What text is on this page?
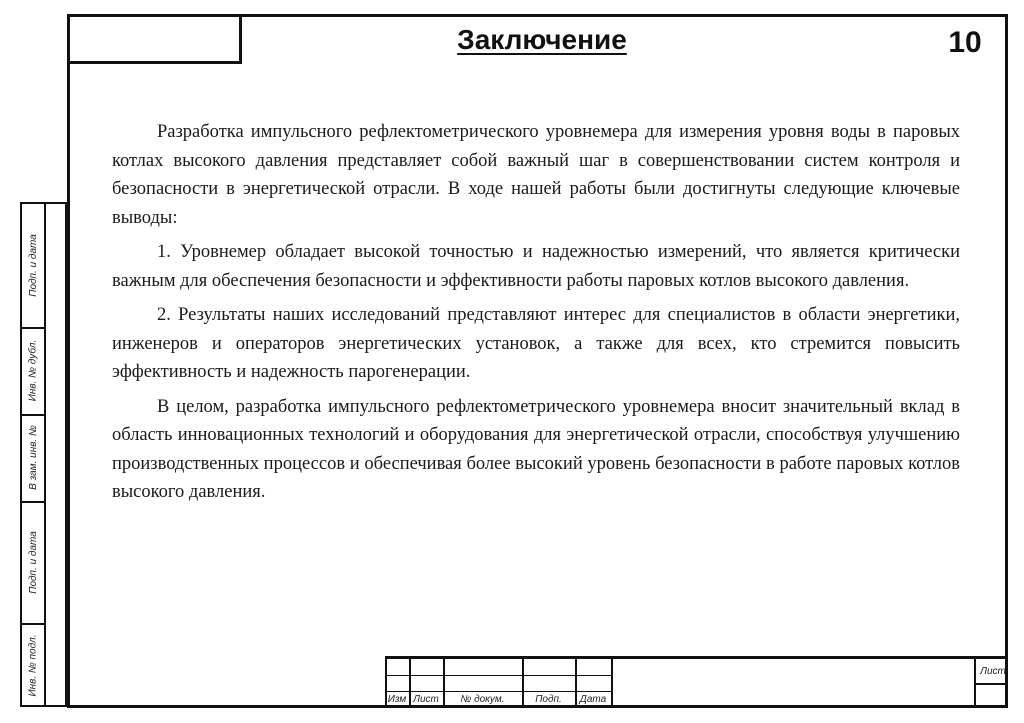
Заключение	10

Разработка импульсного рефлектометрического уровнемера для измерения уровня воды в паровых котлах высокого давления представляет собой важный шаг в совершенствовании систем контроля и безопасности в энергетической отрасли. В ходе нашей работы были достигнуты следующие ключевые выводы:

1. Уровнемер обладает высокой точностью и надежностью измерений, что является критически важным для обеспечения безопасности и эффективности работы паровых котлов высокого давления.

2. Результаты наших исследований представляют интерес для специалистов в области энергетики, инженеров и операторов энергетических установок, а также для всех, кто стремится повысить эффективность и надежность парогенерации.

В целом, разработка импульсного рефлектометрического уровнемера вносит значительный вклад в область инновационных технологий и оборудования для энергетической отрасли, способствуя улучшению производственных процессов и обеспечивая более высокий уровень безопасности в работе паровых котлов высокого давления.

Подп. и дата
Инв. № дубл.
В зам. инв. №
Подп. и дата
Инв. № подл.
Изм Лист	№ докум.	Подп.	Дата
Лист
